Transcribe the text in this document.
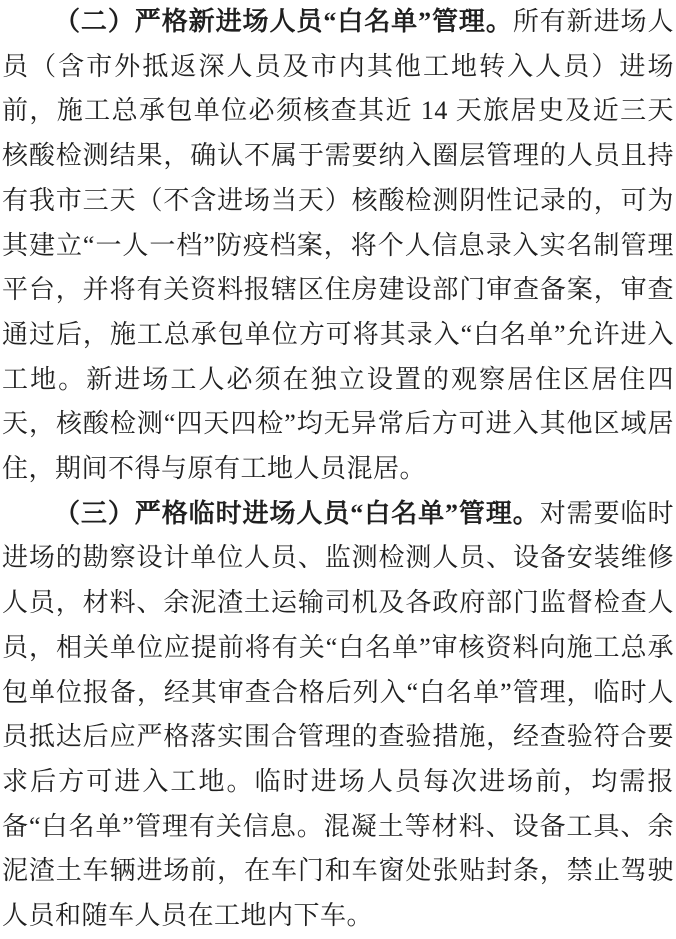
（二）严格新进场人员“白名单”管理。所有新进场人员（含市外抵返深人员及市内其他工地转入人员）进场前，施工总承包单位必须核查其近 14 天旅居史及近三天核酸检测结果，确认不属于需要纳入圈层管理的人员且持有我市三天（不含进场当天）核酸检测阴性记录的，可为其建立“一人一档”防疫档案，将个人信息录入实名制管理平台，并将有关资料报辖区住房建设部门审查备案，审查通过后，施工总承包单位方可将其录入“白名单”允许进入工地。新进场工人必须在独立设置的观察居住区居住四天，核酸检测“四天四检”均无异常后方可进入其他区域居住，期间不得与原有工地人员混居。

（三）严格临时进场人员“白名单”管理。对需要临时进场的勘察设计单位人员、监测检测人员、设备安装维修人员，材料、余泥渣土运输司机及各政府部门监督检查人员，相关单位应提前将有关“白名单”审核资料向施工总承包单位报备，经其审查合格后列入“白名单”管理，临时人员抵达后应严格落实围合管理的查验措施，经查验符合要求后方可进入工地。临时进场人员每次进场前，均需报备“白名单”管理有关信息。混凝土等材料、设备工具、余泥渣土车辆进场前，在车门和车窗处张贴封条，禁止驾驶人员和随车人员在工地内下车。
